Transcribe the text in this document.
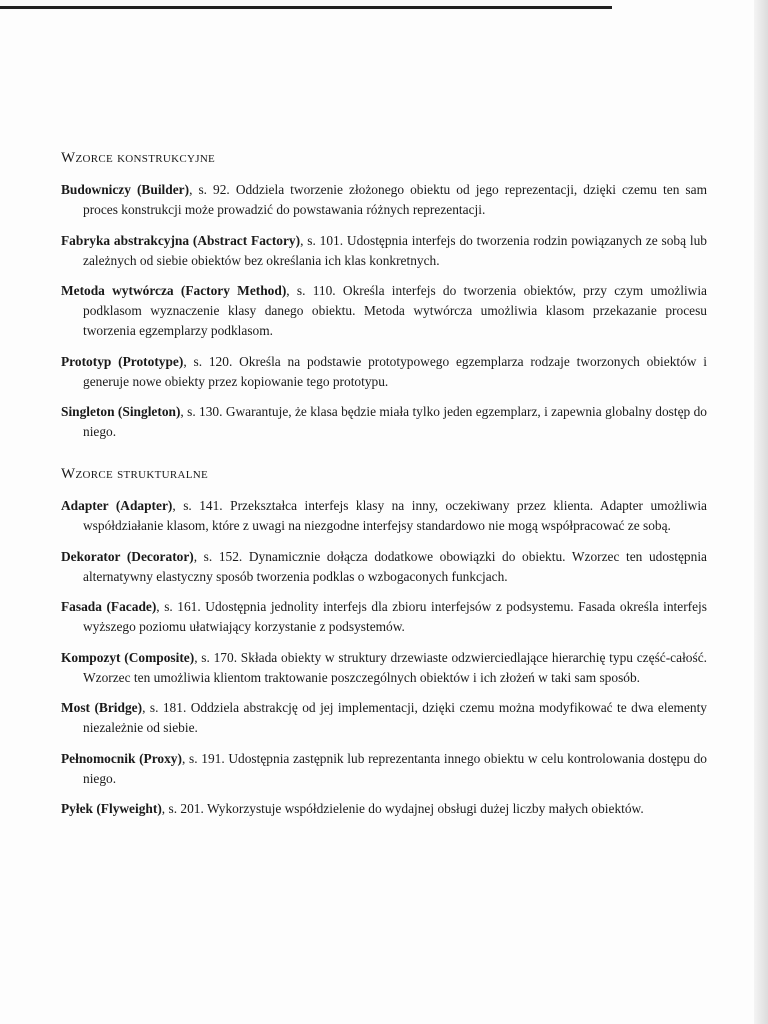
Wzorce konstrukcyjne

Budowniczy (Builder), s. 92. Oddziela tworzenie złożonego obiektu od jego reprezentacji, dzięki czemu ten sam proces konstrukcji może prowadzić do powstawania różnych reprezentacji.

Fabryka abstrakcyjna (Abstract Factory), s. 101. Udostępnia interfejs do tworzenia rodzin powiązanych ze sobą lub zależnych od siebie obiektów bez określania ich klas konkretnych.

Metoda wytwórcza (Factory Method), s. 110. Określa interfejs do tworzenia obiektów, przy czym umożliwia podklasom wyznaczenie klasy danego obiektu. Metoda wytwórcza umożliwia klasom przekazanie procesu tworzenia egzemplarzy podklasom.

Prototyp (Prototype), s. 120. Określa na podstawie prototypowego egzemplarza rodzaje tworzonych obiektów i generuje nowe obiekty przez kopiowanie tego prototypu.

Singleton (Singleton), s. 130. Gwarantuje, że klasa będzie miała tylko jeden egzemplarz, i zapewnia globalny dostęp do niego.

Wzorce strukturalne

Adapter (Adapter), s. 141. Przekształca interfejs klasy na inny, oczekiwany przez klienta. Adapter umożliwia współdziałanie klasom, które z uwagi na niezgodne interfejsy standardowo nie mogą współpracować ze sobą.

Dekorator (Decorator), s. 152. Dynamicznie dołącza dodatkowe obowiązki do obiektu. Wzorzec ten udostępnia alternatywny elastyczny sposób tworzenia podklas o wzbogaconych funkcjach.

Fasada (Facade), s. 161. Udostępnia jednolity interfejs dla zbioru interfejsów z podsystemu. Fasada określa interfejs wyższego poziomu ułatwiający korzystanie z podsystemów.

Kompozyt (Composite), s. 170. Składa obiekty w struktury drzewiaste odzwierciedlające hierarchię typu część-całość. Wzorzec ten umożliwia klientom traktowanie poszczególnych obiektów i ich złożeń w taki sam sposób.

Most (Bridge), s. 181. Oddziela abstrakcję od jej implementacji, dzięki czemu można modyfikować te dwa elementy niezależnie od siebie.

Pełnomocnik (Proxy), s. 191. Udostępnia zastępnik lub reprezentanta innego obiektu w celu kontrolowania dostępu do niego.

Pyłek (Flyweight), s. 201. Wykorzystuje współdzielenie do wydajnej obsługi dużej liczby małych obiektów.
